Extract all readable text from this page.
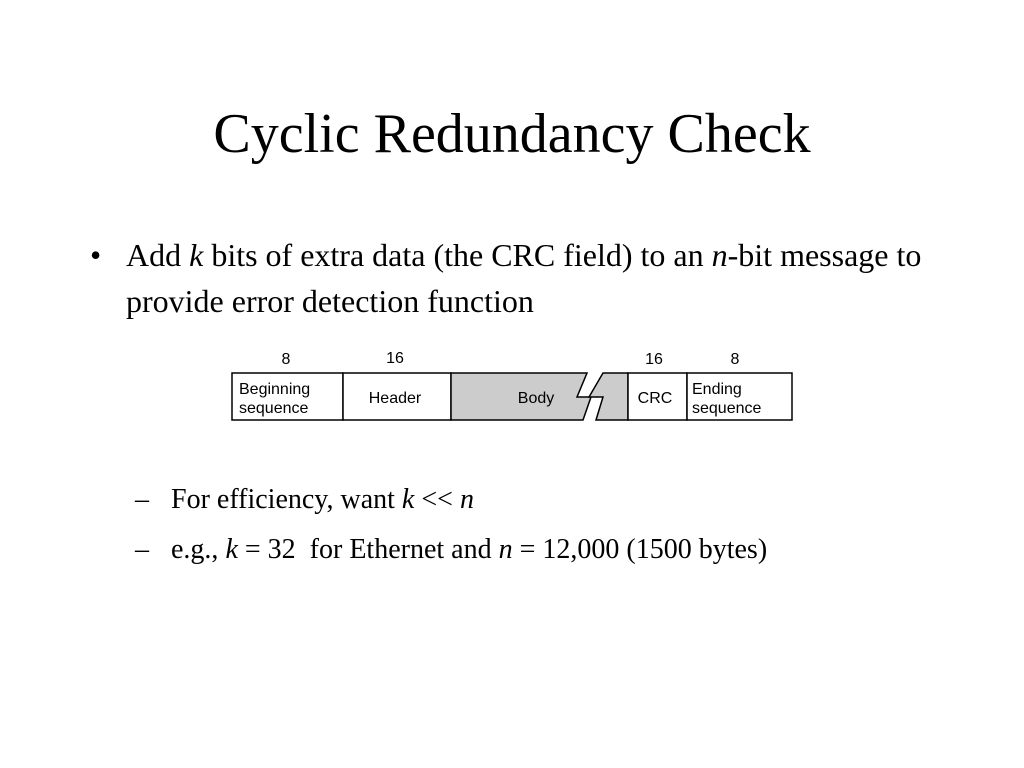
Cyclic Redundancy Check
• Add k bits of extra data (the CRC field) to an n-bit message to provide error detection function
8	16	16	8
Beginning
sequence
Header	Body	CRC
Ending
sequence
– For efficiency, want k << n
– e.g., k = 32  for Ethernet and n = 12,000 (1500 bytes)
